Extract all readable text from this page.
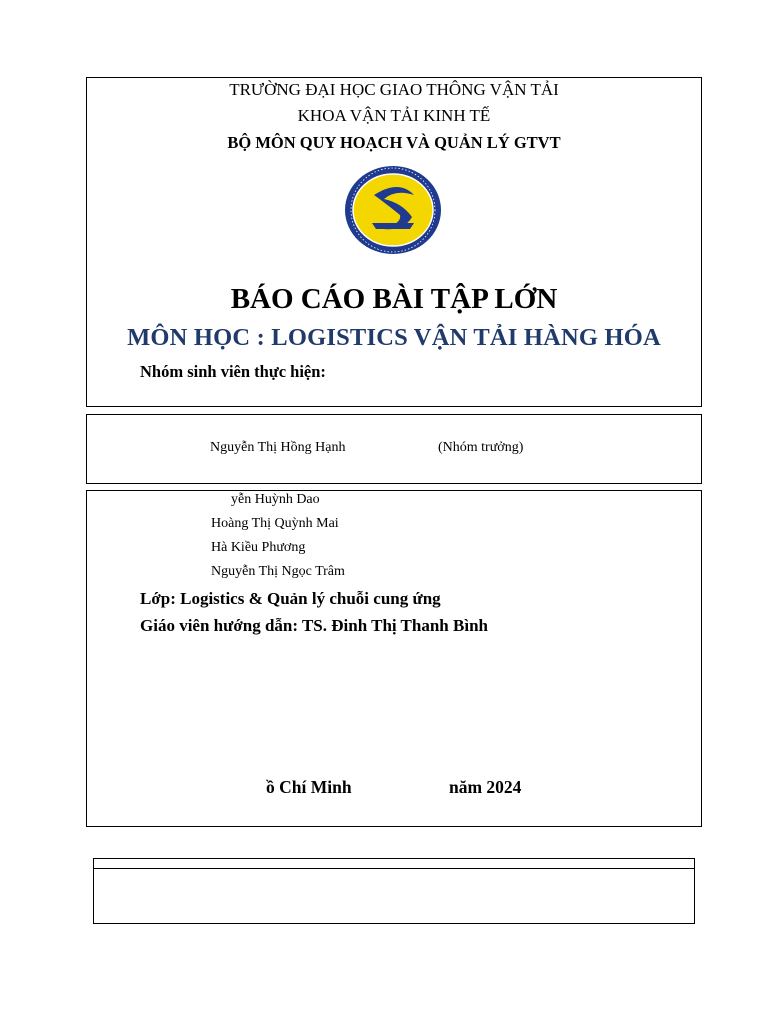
TRƯỜNG ĐẠI HỌC GIAO THÔNG VẬN TẢI
KHOA VẬN TẢI KINH TẾ
BỘ MÔN QUY HOẠCH VÀ QUẢN LÝ GTVT
BÁO CÁO BÀI TẬP LỚN
MÔN HỌC : LOGISTICS VẬN TẢI HÀNG HÓA
Nhóm sinh viên thực hiện:
Nguyễn Thị Hồng Hạnh	(Nhóm trưởng)
yễn Huỳnh Dao
Hoàng Thị Quỳnh Mai
Hà Kiều Phương
Nguyễn Thị Ngọc Trâm
Lớp: Logistics & Quản lý chuỗi cung ứng
Giáo viên hướng dẫn: TS. Đinh Thị Thanh Bình
ồ Chí Minh	năm 2024
